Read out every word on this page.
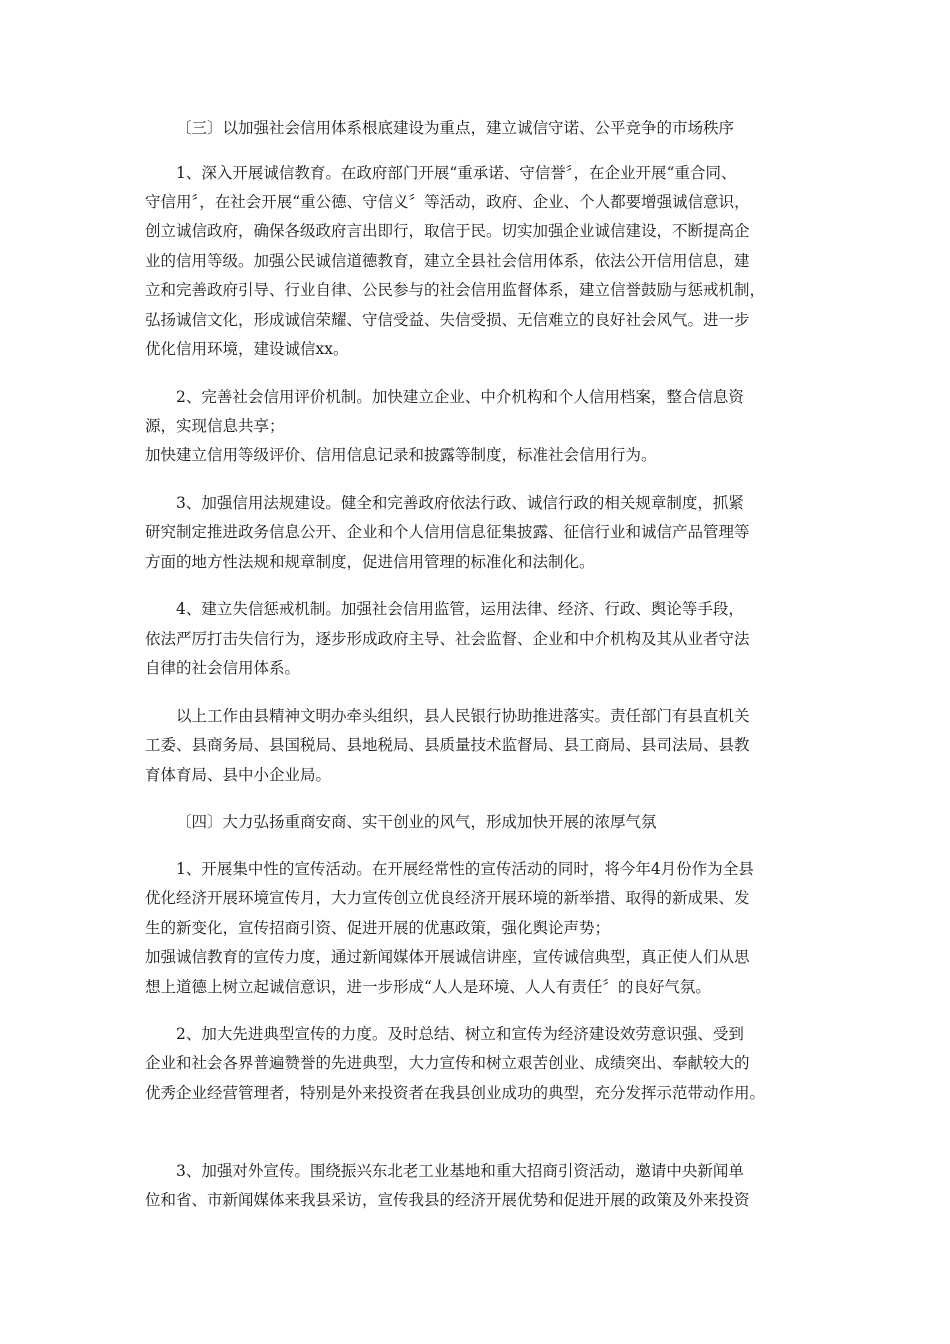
〔三〕以加强社会信用体系根底建设为重点，建立诚信守诺、公平竞争的市场秩序

1、深入开展诚信教育。在政府部门开展“重承诺、守信誉〞，在企业开展“重合同、

守信用〞，在社会开展“重公德、守信义〞等活动，政府、企业、个人都要增强诚信意识，

创立诚信政府，确保各级政府言出即行，取信于民。切实加强企业诚信建设，不断提高企

业的信用等级。加强公民诚信道德教育，建立全县社会信用体系，依法公开信用信息，建

立和完善政府引导、行业自律、公民参与的社会信用监督体系，建立信誉鼓励与惩戒机制，

弘扬诚信文化，形成诚信荣耀、守信受益、失信受损、无信难立的良好社会风气。进一步

优化信用环境，建设诚信xx。

2、完善社会信用评价机制。加快建立企业、中介机构和个人信用档案，整合信息资

源，实现信息共享；

加快建立信用等级评价、信用信息记录和披露等制度，标准社会信用行为。

3、加强信用法规建设。健全和完善政府依法行政、诚信行政的相关规章制度，抓紧

研究制定推进政务信息公开、企业和个人信用信息征集披露、征信行业和诚信产品管理等

方面的地方性法规和规章制度，促进信用管理的标准化和法制化。

4、建立失信惩戒机制。加强社会信用监管，运用法律、经济、行政、舆论等手段，

依法严厉打击失信行为，逐步形成政府主导、社会监督、企业和中介机构及其从业者守法

自律的社会信用体系。

以上工作由县精神文明办牵头组织，县人民银行协助推进落实。责任部门有县直机关

工委、县商务局、县国税局、县地税局、县质量技术监督局、县工商局、县司法局、县教

育体育局、县中小企业局。

〔四〕大力弘扬重商安商、实干创业的风气，形成加快开展的浓厚气氛

1、开展集中性的宣传活动。在开展经常性的宣传活动的同时，将今年4月份作为全县

优化经济开展环境宣传月，大力宣传创立优良经济开展环境的新举措、取得的新成果、发

生的新变化，宣传招商引资、促进开展的优惠政策，强化舆论声势；

加强诚信教育的宣传力度，通过新闻媒体开展诚信讲座，宣传诚信典型，真正使人们从思

想上道德上树立起诚信意识，进一步形成“人人是环境、人人有责任〞的良好气氛。

2、加大先进典型宣传的力度。及时总结、树立和宣传为经济建设效劳意识强、受到

企业和社会各界普遍赞誉的先进典型，大力宣传和树立艰苦创业、成绩突出、奉献较大的

优秀企业经营管理者，特别是外来投资者在我县创业成功的典型，充分发挥示范带动作用。

3、加强对外宣传。围绕振兴东北老工业基地和重大招商引资活动，邀请中央新闻单

位和省、市新闻媒体来我县采访，宣传我县的经济开展优势和促进开展的政策及外来投资
